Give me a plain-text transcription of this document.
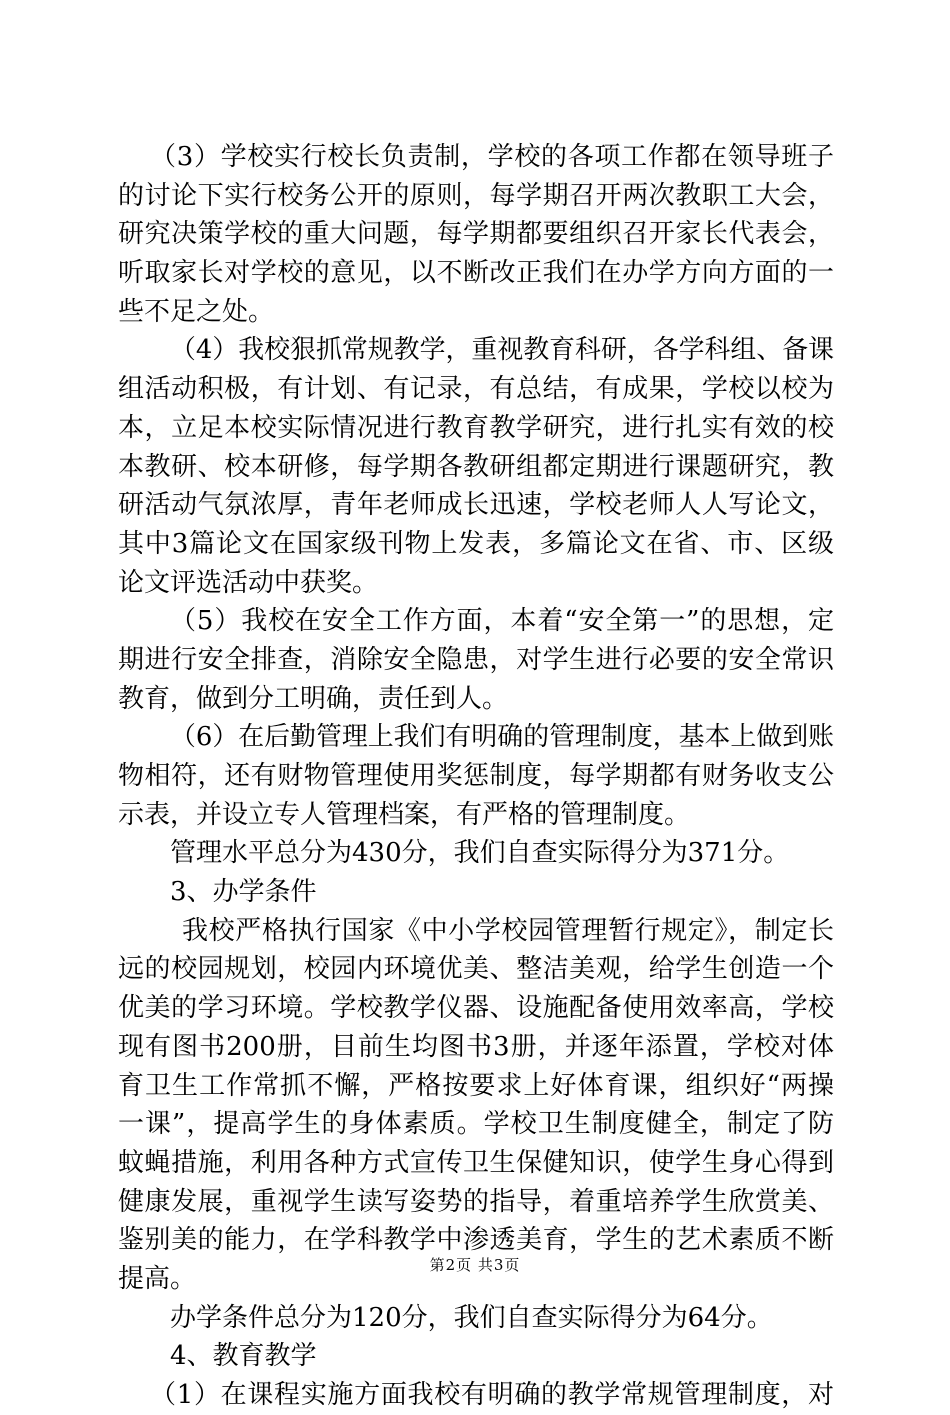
（3）学校实行校长负责制，学校的各项工作都在领导班子
的讨论下实行校务公开的原则，每学期召开两次教职工大会，
研究决策学校的重大问题，每学期都要组织召开家长代表会，
听取家长对学校的意见，以不断改正我们在办学方向方面的一
些不足之处。
（4）我校狠抓常规教学，重视教育科研，各学科组、备课
组活动积极，有计划、有记录，有总结，有成果，学校以校为
本，立足本校实际情况进行教育教学研究，进行扎实有效的校
本教研、校本研修，每学期各教研组都定期进行课题研究，教
研活动气氛浓厚，青年老师成长迅速，学校老师人人写论文，
其中3篇论文在国家级刊物上发表，多篇论文在省、市、区级
论文评选活动中获奖。
（5）我校在安全工作方面，本着“安全第一”的思想，定
期进行安全排查，消除安全隐患，对学生进行必要的安全常识
教育，做到分工明确，责任到人。
（6）在后勤管理上我们有明确的管理制度，基本上做到账
物相符，还有财物管理使用奖惩制度，每学期都有财务收支公
示表，并设立专人管理档案，有严格的管理制度。
管理水平总分为430分，我们自查实际得分为371分。
3、办学条件
我校严格执行国家《中小学校园管理暂行规定》，制定长
远的校园规划，校园内环境优美、整洁美观，给学生创造一个
优美的学习环境。学校教学仪器、设施配备使用效率高，学校
现有图书200册，目前生均图书3册，并逐年添置，学校对体
育卫生工作常抓不懈，严格按要求上好体育课，组织好“两操
一课”，提高学生的身体素质。学校卫生制度健全，制定了防
蚊蝇措施，利用各种方式宣传卫生保健知识，使学生身心得到
健康发展，重视学生读写姿势的指导，着重培养学生欣赏美、
鉴别美的能力，在学科教学中渗透美育，学生的艺术素质不断
提高。
办学条件总分为120分，我们自查实际得分为64分。
4、教育教学
（1）在课程实施方面我校有明确的教学常规管理制度，对
第2页 共3页
